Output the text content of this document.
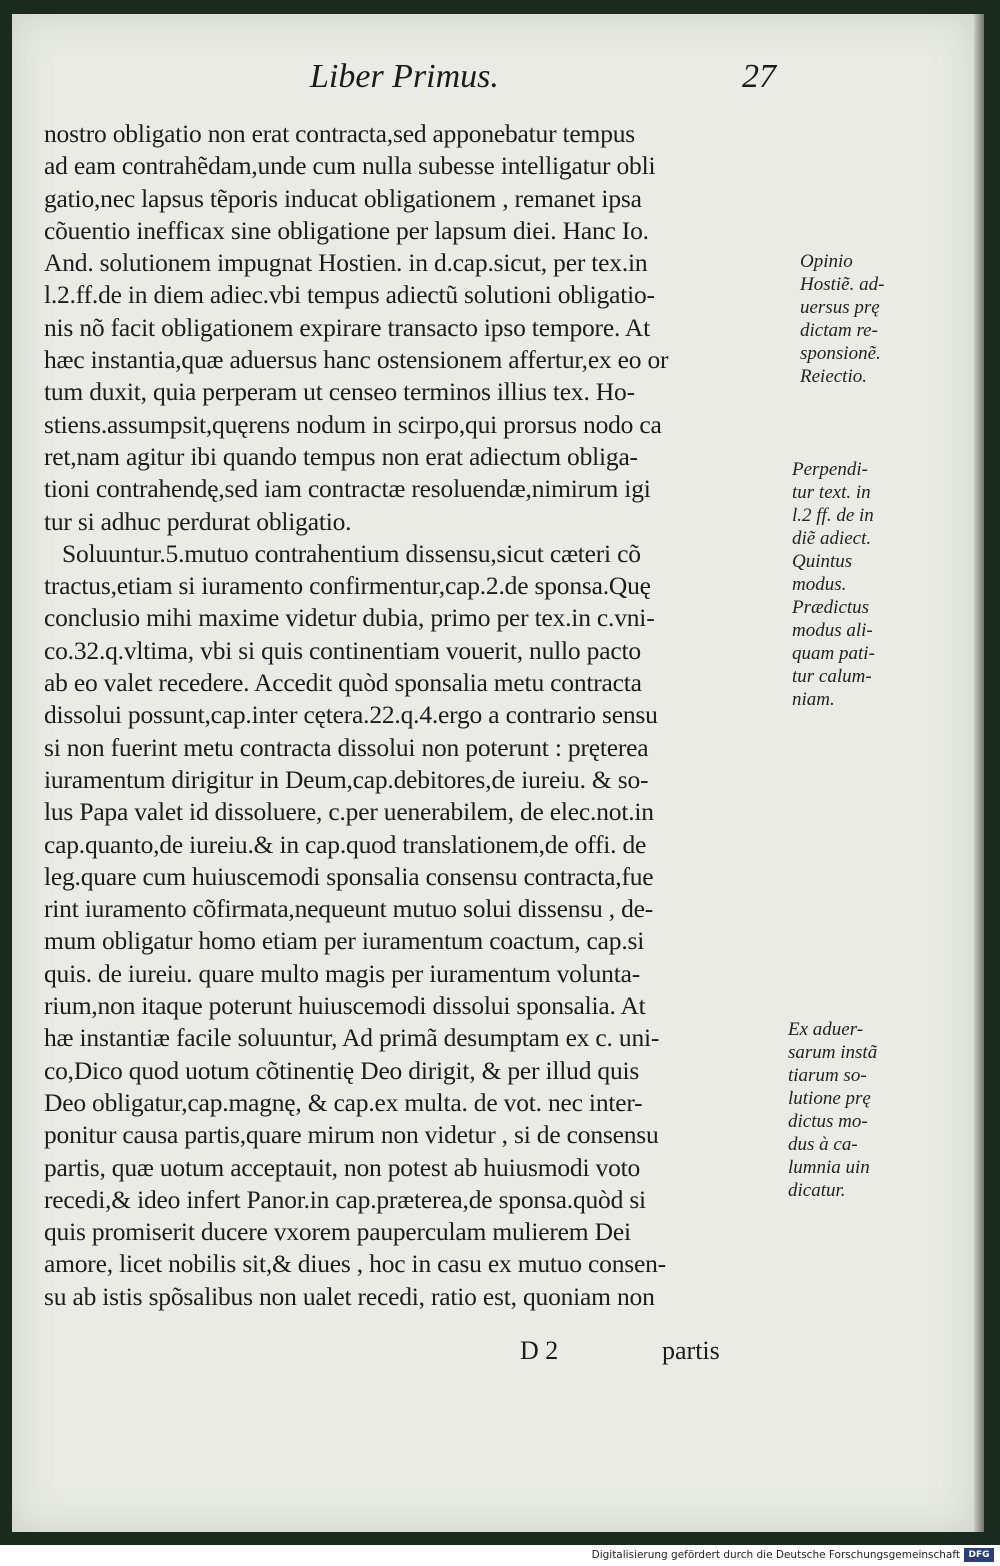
Liber Primus.	27
nostro obligatio non erat contracta,sed apponebatur tempus
ad eam contrahẽdam,unde cum nulla subesse intelligatur obli
gatio,nec lapsus tẽporis inducat obligationem , remanet ipsa
cõuentio inefficax sine obligatione per lapsum diei. Hanc Io.
And. solutionem impugnat Hostien. in d.cap.sicut, per tex.in
l.2.ff.de in diem adiec.vbi tempus adiectũ solutioni obligatio-
nis nõ facit obligationem expirare transacto ipso tempore. At
hæc instantia,quæ aduersus hanc ostensionem affertur,ex eo or
tum duxit, quia perperam ut censeo terminos illius tex. Ho-
stiens.assumpsit,quęrens nodum in scirpo,qui prorsus nodo ca
ret,nam agitur ibi quando tempus non erat adiectum obliga-
tioni contrahendę,sed iam contractæ resoluendæ,nimirum igi
tur si adhuc perdurat obligatio.
Soluuntur.5.mutuo contrahentium dissensu,sicut cæteri cõ
tractus,etiam si iuramento confirmentur,cap.2.de sponsa.Quę
conclusio mihi maxime videtur dubia, primo per tex.in c.vni-
co.32.q.vltima, vbi si quis continentiam vouerit, nullo pacto
ab eo valet recedere. Accedit quòd sponsalia metu contracta
dissolui possunt,cap.inter cętera.22.q.4.ergo a contrario sensu
si non fuerint metu contracta dissolui non poterunt : prętereа
iuramentum dirigitur in Deum,cap.debitores,de iureiu. & so-
lus Papa valet id dissoluere, c.per uenerabilem, de elec.not.in
cap.quanto,de iureiu.& in cap.quod translationem,de offi. de
leg.quare cum huiuscemodi sponsalia consensu contracta,fue
rint iuramento cõfirmata,nequeunt mutuo solui dissensu , de-
mum obligatur homo etiam per iuramentum coactum, cap.si
quis. de iureiu. quare multo magis per iuramentum volunta-
rium,non itaque poterunt huiuscemodi dissolui sponsalia. At
hæ instantiæ facile soluuntur, Ad primã desumptam ex c. uni-
co,Dico quod uotum cõtinentię Deo dirigit, & per illud quis
Deo obligatur,cap.magnę, & cap.ex multa. de vot. nec inter-
ponitur causa partis,quare mirum non videtur , si de consensu
partis, quæ uotum acceptauit, non potest ab huiusmodi voto
recedi,& ideo infert Panor.in cap.prӕterea,de sponsa.quòd si
quis promiserit ducere vxorem pauperculam mulierem Dei
amore, licet nobilis sit,& diues , hoc in casu ex mutuo consen-
su ab istis spõsalibus non ualet recedi, ratio est, quoniam non
D 2	partis
Opinio
Hostiẽ. ad-
uersus prę
dictam re-
sponsionẽ.
Reiectio.
Perpendi-
tur text. in
l.2 ff. de in
diẽ adiect.
Quintus
modus.
Prӕdictus
modus ali-
quam pati-
tur calum-
niam.
Ex aduer-
sarum instã
tiarum so-
lutione prę
dictus mo-
dus à ca-
lumnia uin
dicatur.
Digitalisierung gefördert durch die Deutsche Forschungsgemeinschaft DFG
